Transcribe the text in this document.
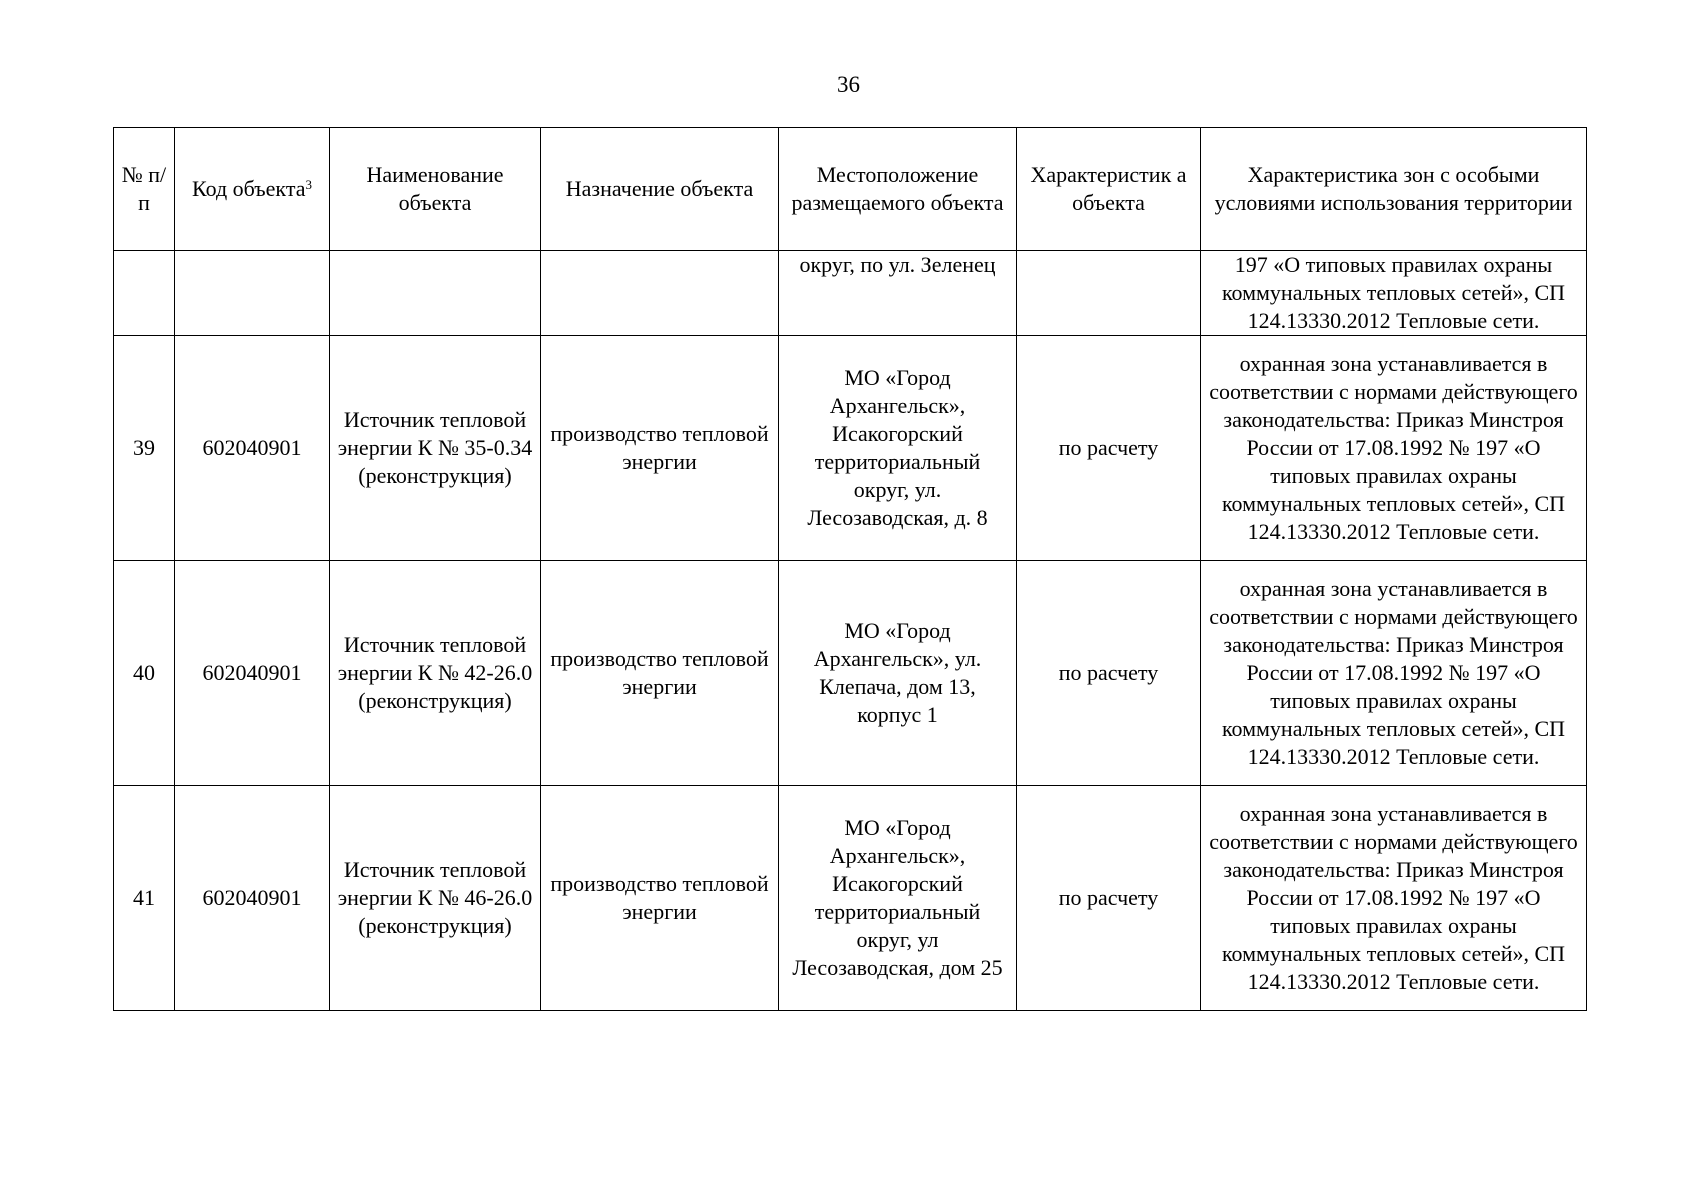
36
№ п/п	Код объекта$^3$	Наименование объекта	Назначение объекта	Местоположение размещаемого объекта	Характеристик а объекта	Характеристика зон с особыми условиями использования территории
				округ, по ул. Зеленец		197 «О типовых правилах охраны коммунальных тепловых сетей», СП 124.13330.2012 Тепловые сети.
39	602040901	Источник тепловой энергии К № 35-0.34 (реконструкция)	производство тепловой энергии	МО «Город Архангельск», Исакогорский территориальный округ, ул. Лесозаводская, д. 8	по расчету	охранная зона устанавливается в соответствии с нормами действующего законодательства: Приказ Минстроя России от 17.08.1992 № 197 «О типовых правилах охраны коммунальных тепловых сетей», СП 124.13330.2012 Тепловые сети.
40	602040901	Источник тепловой энергии К № 42-26.0 (реконструкция)	производство тепловой энергии	МО «Город Архангельск», ул. Клепача, дом 13, корпус 1	по расчету	охранная зона устанавливается в соответствии с нормами действующего законодательства: Приказ Минстроя России от 17.08.1992 № 197 «О типовых правилах охраны коммунальных тепловых сетей», СП 124.13330.2012 Тепловые сети.
41	602040901	Источник тепловой энергии К № 46-26.0 (реконструкция)	производство тепловой энергии	МО «Город Архангельск», Исакогорский территориальный округ, ул Лесозаводская, дом 25	по расчету	охранная зона устанавливается в соответствии с нормами действующего законодательства: Приказ Минстроя России от 17.08.1992 № 197 «О типовых правилах охраны коммунальных тепловых сетей», СП 124.13330.2012 Тепловые сети.
